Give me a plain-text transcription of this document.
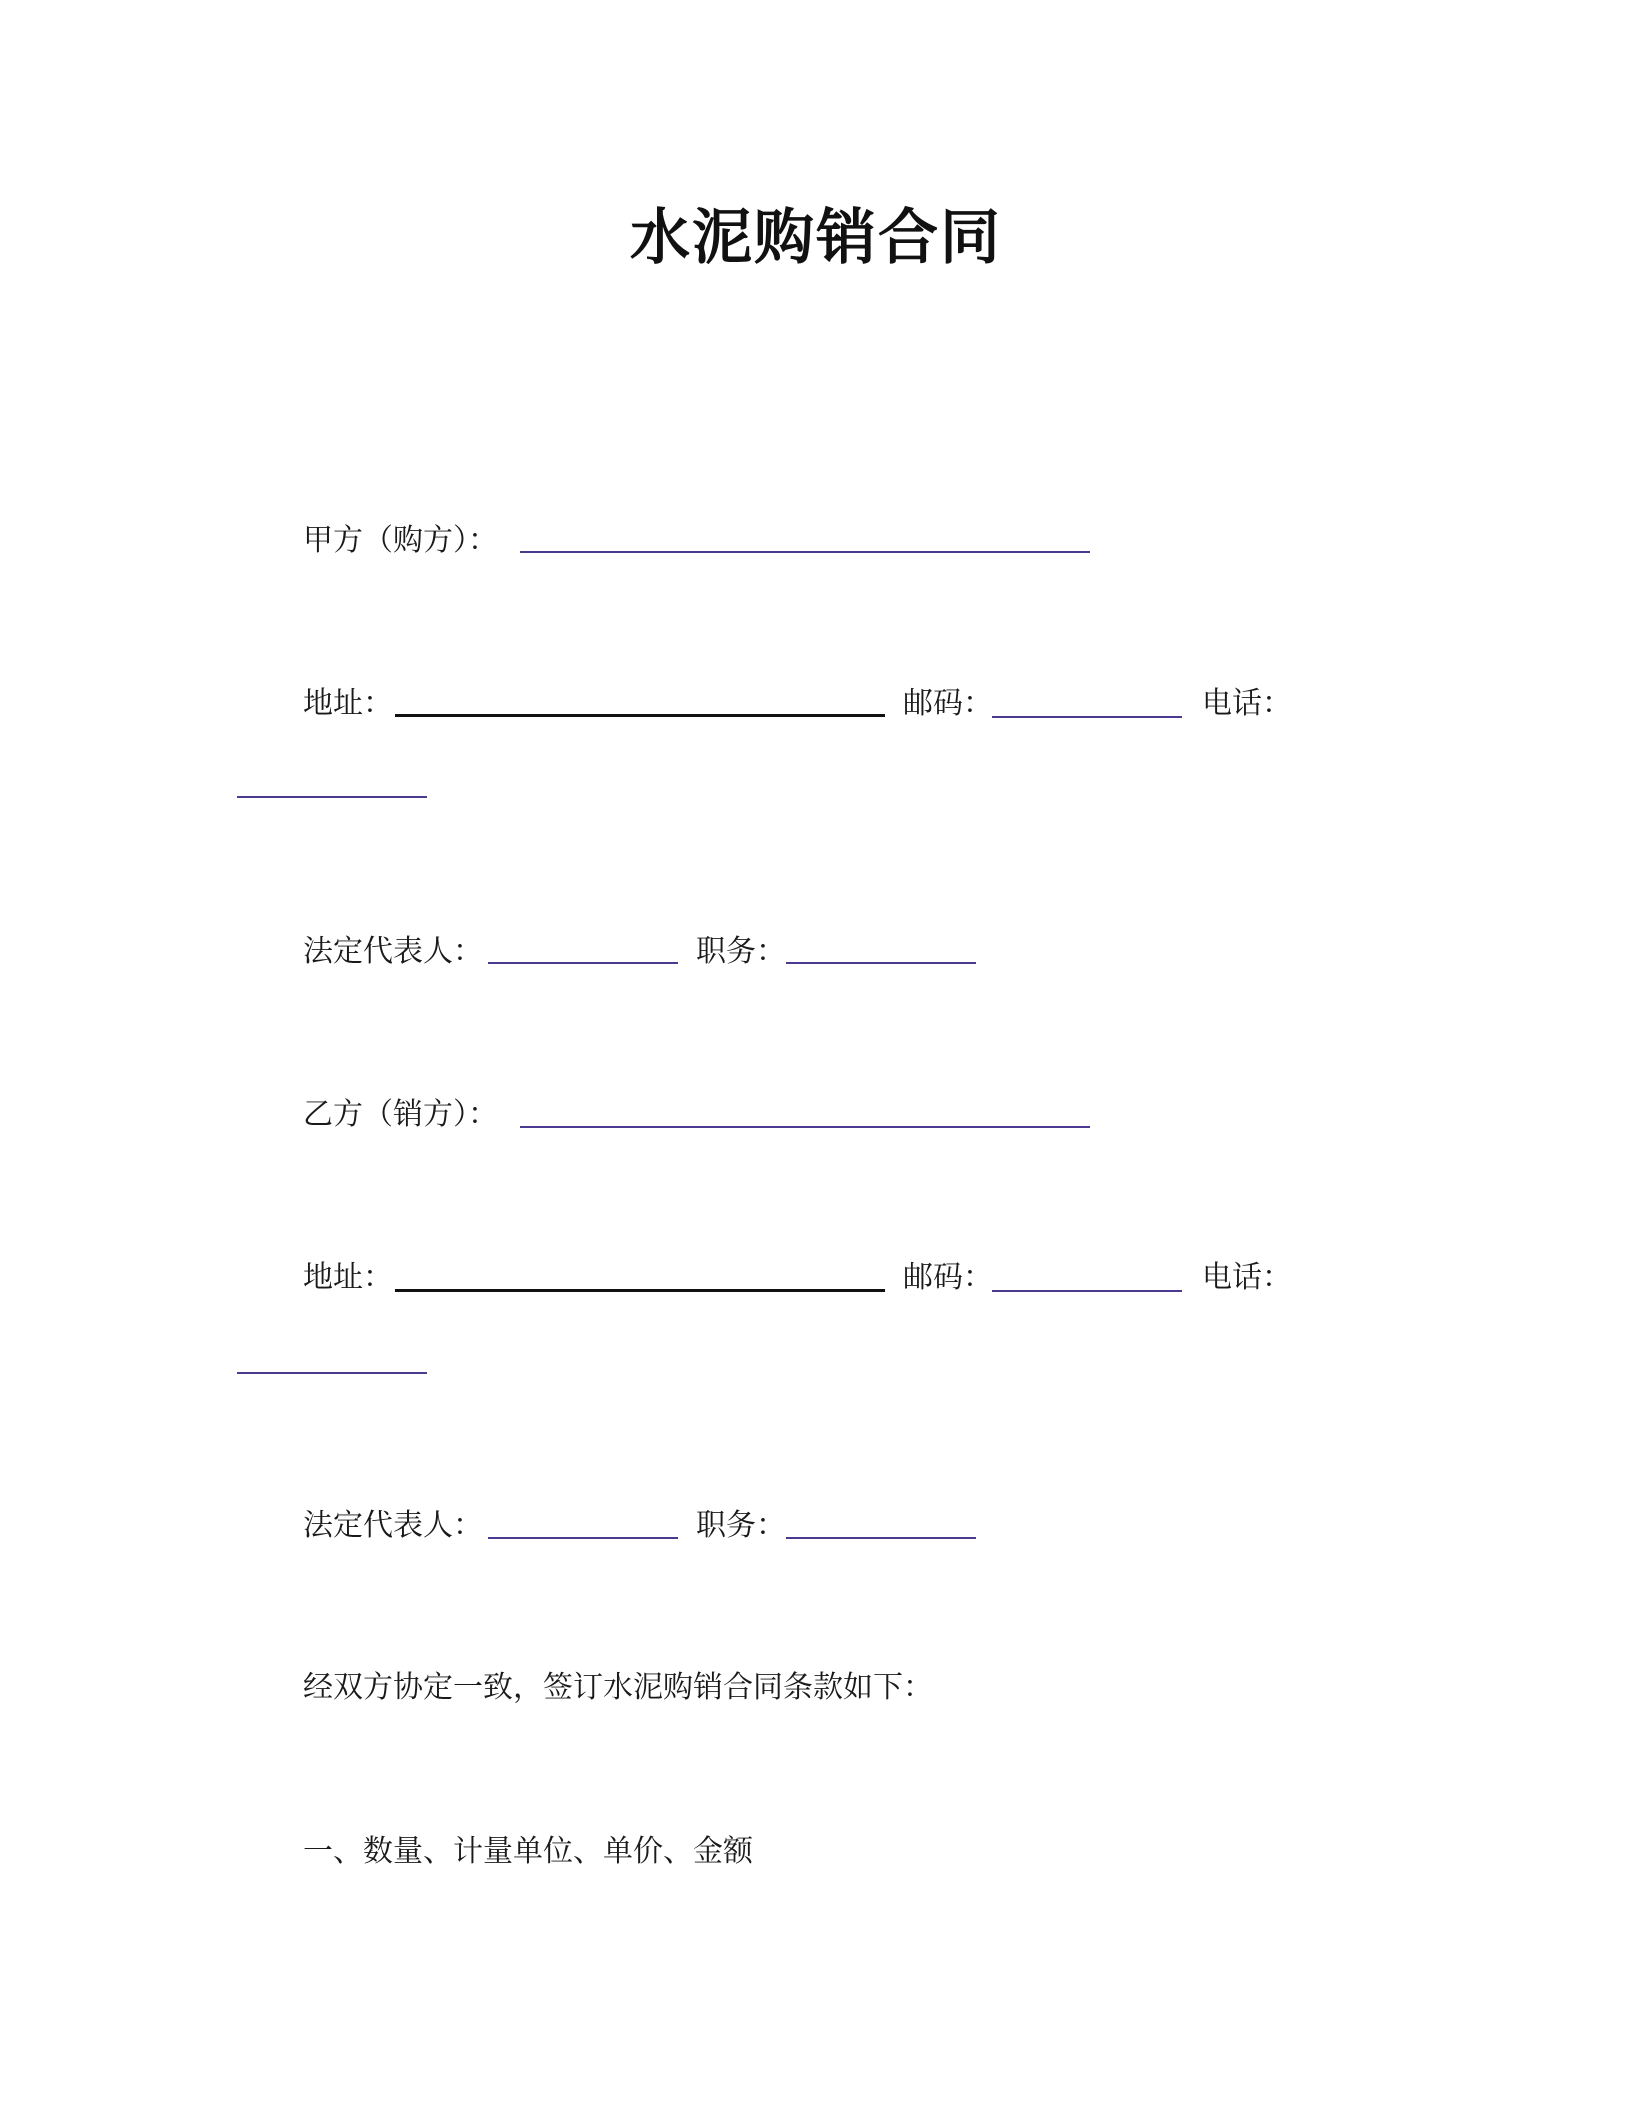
水泥购销合同
甲方（购方）：
地址：	邮码：	电话：
法定代表人：	职务：
乙方（销方）：
地址：	邮码：	电话：
法定代表人：	职务：
经双方协定一致，签订水泥购销合同条款如下：
一、数量、计量单位、单价、金额
